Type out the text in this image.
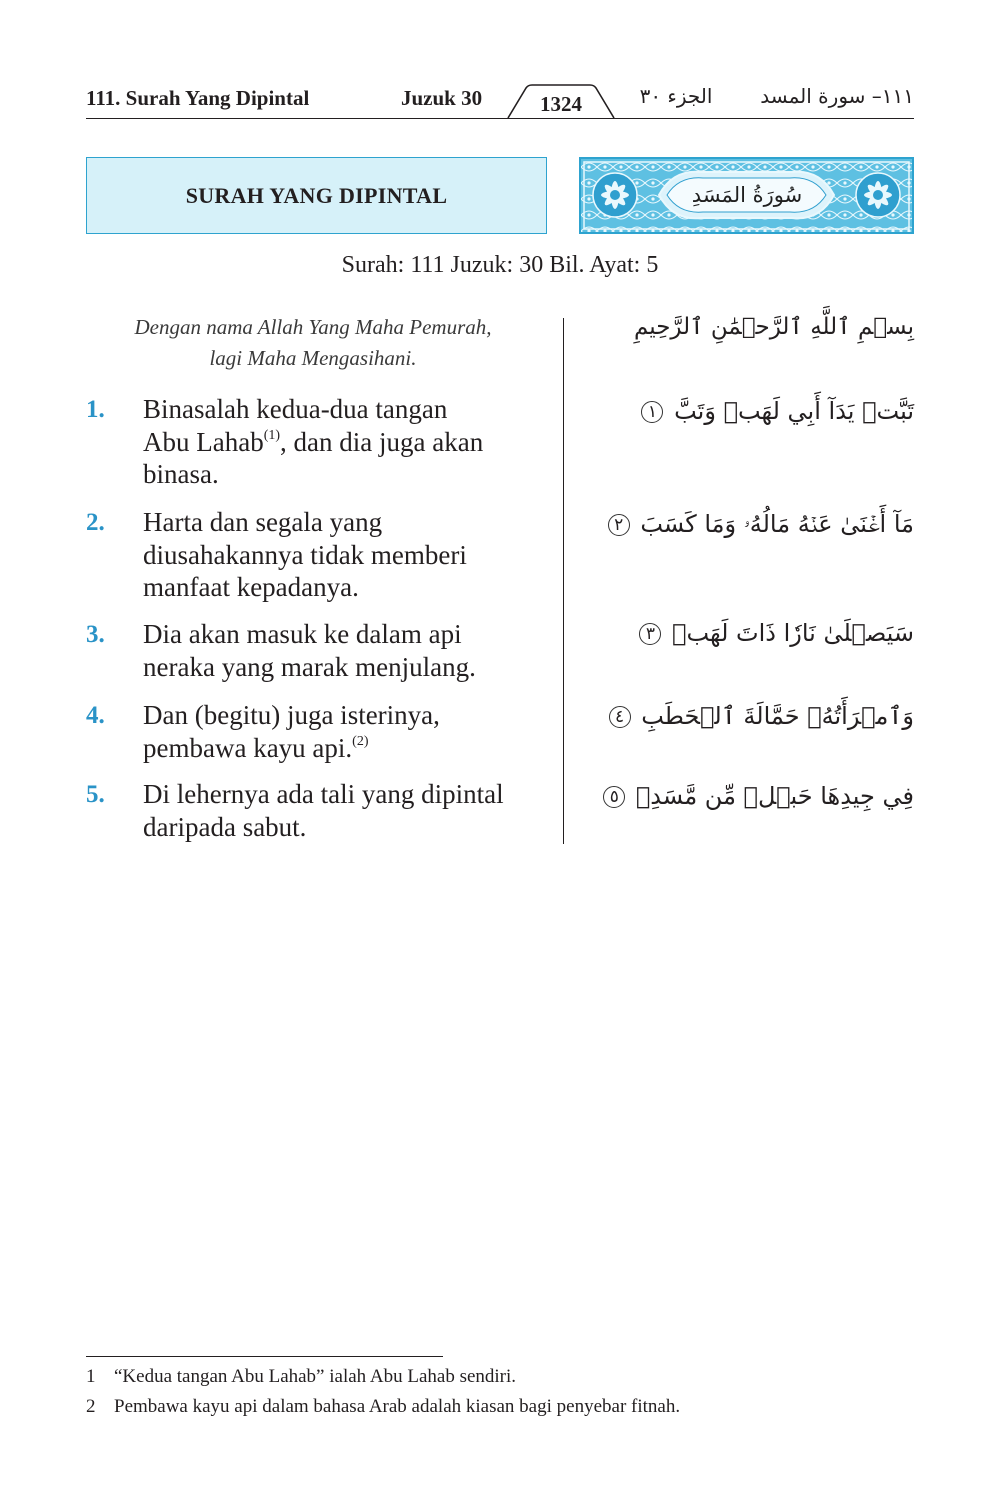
111. Surah Yang Dipintal	Juzuk 30	1324	الجزء ٣٠	١١١– سورة المسد
SURAH YANG DIPINTAL	سُورَةُ المَسَدِ
Surah: 111 Juzuk: 30 Bil. Ayat: 5
Dengan nama Allah Yang Maha Pemurah,
lagi Maha Mengasihani.
بِسۡمِ ٱللَّهِ ٱلرَّحۡمَٰنِ ٱلرَّحِيمِ
1.	Binasalah kedua-dua tangan
Abu Lahab$^{(1)}$, dan dia juga akan
binasa.
تَبَّتۡ يَدَآ أَبِي لَهَبٖ وَتَبَّ ١
2.	Harta dan segala yang
diusahakannya tidak memberi
manfaat kepadanya.
مَآ أَغۡنَىٰ عَنۡهُ مَالُهُۥ وَمَا كَسَبَ ٢
3.	Dia akan masuk ke dalam api
neraka yang marak menjulang.
سَيَصۡلَىٰ نَارٗا ذَاتَ لَهَبٖ ٣
4.	Dan (begitu) juga isterinya,
pembawa kayu api.$^{(2)}$
وَٱمۡرَأَتُهُۥ حَمَّالَةَ ٱلۡحَطَبِ ٤
5.	Di lehernya ada tali yang dipintal
daripada sabut.
فِي جِيدِهَا حَبۡلٞ مِّن مَّسَدِۭ ٥
1 “Kedua tangan Abu Lahab” ialah Abu Lahab sendiri.
2 Pembawa kayu api dalam bahasa Arab adalah kiasan bagi penyebar fitnah.
